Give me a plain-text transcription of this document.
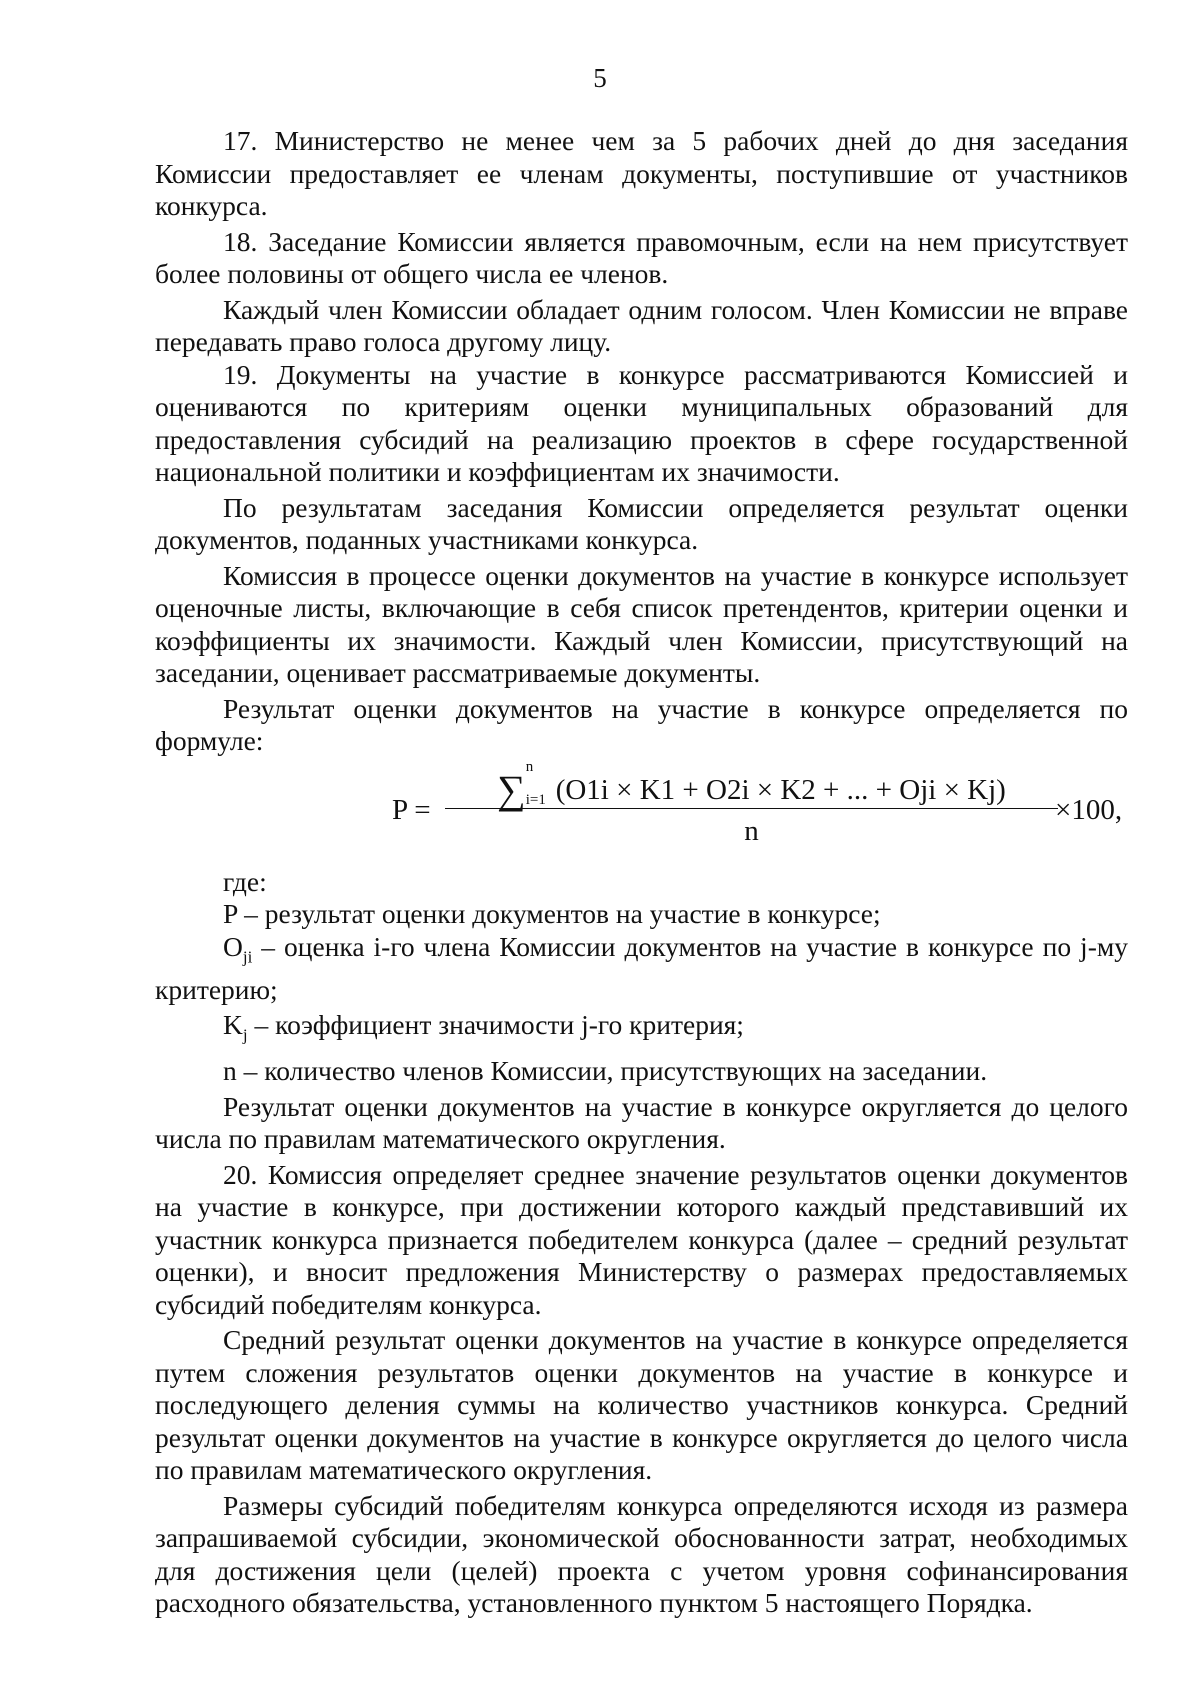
5

17. Министерство не менее чем за 5 рабочих дней до дня заседания Комиссии предоставляет ее членам документы, поступившие от участников конкурса.

18. Заседание Комиссии является правомочным, если на нем присутствует более половины от общего числа ее членов.

Каждый член Комиссии обладает одним голосом. Член Комиссии не вправе передавать право голоса другому лицу.

19. Документы на участие в конкурсе рассматриваются Комиссией и оцениваются по критериям оценки муниципальных образований для предоставления субсидий на реализацию проектов в сфере государственной национальной политики и коэффициентам их значимости.

По результатам заседания Комиссии определяется результат оценки документов, поданных участниками конкурса.

Комиссия в процессе оценки документов на участие в конкурсе использует оценочные листы, включающие в себя список претендентов, критерии оценки и коэффициенты их значимости. Каждый член Комиссии, присутствующий на заседании, оценивает рассматриваемые документы.

Результат оценки документов на участие в конкурсе определяется по формуле:

P =	∑ n
i=1 (O1i × K1 + O2i × K2 + ... + Oji × Kj)
n
×100,

где:

P – результат оценки документов на участие в конкурсе;

$O_{ji}$ – оценка i-го члена Комиссии документов на участие в конкурсе по j-му критерию;

$K_j$ – коэффициент значимости j-го критерия;

n – количество членов Комиссии, присутствующих на заседании.

Результат оценки документов на участие в конкурсе округляется до целого числа по правилам математического округления.

20. Комиссия определяет среднее значение результатов оценки документов на участие в конкурсе, при достижении которого каждый представивший их участник конкурса признается победителем конкурса (далее – средний результат оценки), и вносит предложения Министерству о размерах предоставляемых субсидий победителям конкурса.

Средний результат оценки документов на участие в конкурсе определяется путем сложения результатов оценки документов на участие в конкурсе и последующего деления суммы на количество участников конкурса. Средний результат оценки документов на участие в конкурсе округляется до целого числа по правилам математического округления.

Размеры субсидий победителям конкурса определяются исходя из размера запрашиваемой субсидии, экономической обоснованности затрат, необходимых для достижения цели (целей) проекта с учетом уровня софинансирования расходного обязательства, установленного пунктом 5 настоящего Порядка.
